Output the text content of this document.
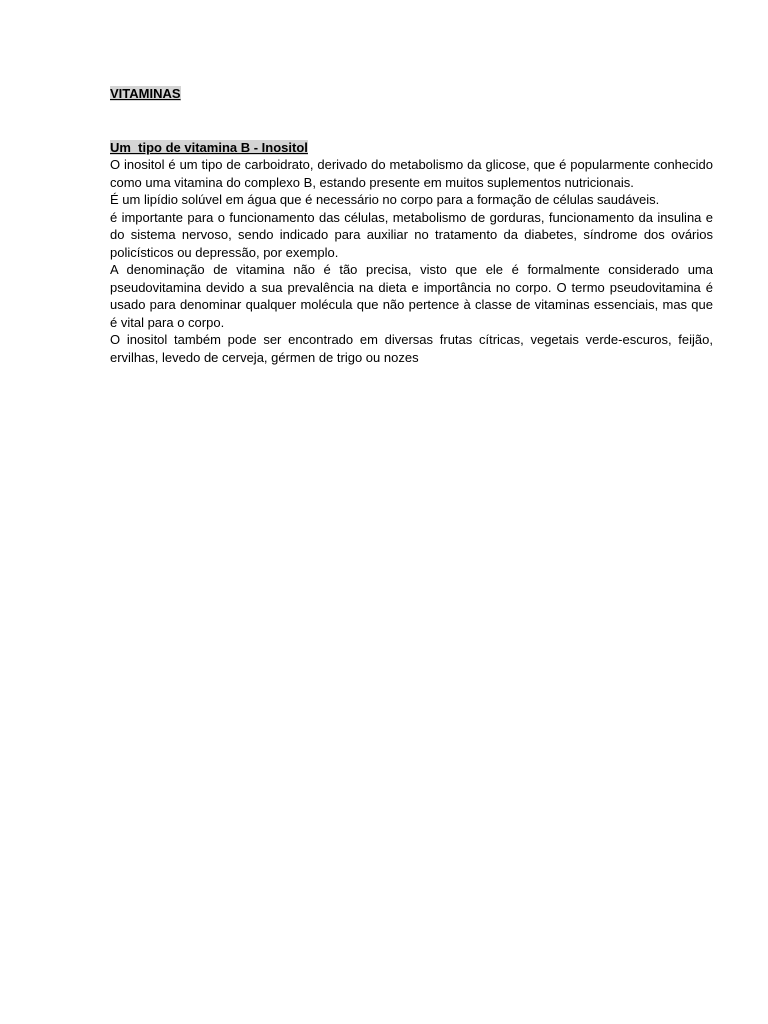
VITAMINAS

Um  tipo de vitamina B - Inositol

O inositol é um tipo de carboidrato, derivado do metabolismo da glicose, que é popularmente conhecido como uma vitamina do complexo B, estando presente em muitos suplementos nutricionais.

É um lipídio solúvel em água que é necessário no corpo para a formação de células saudáveis.

é importante para o funcionamento das células, metabolismo de gorduras, funcionamento da insulina e do sistema nervoso, sendo indicado para auxiliar no tratamento da diabetes, síndrome dos ovários policísticos ou depressão, por exemplo.

A denominação de vitamina não é tão precisa, visto que ele é formalmente considerado uma pseudovitamina devido a sua prevalência na dieta e importância no corpo. O termo pseudovitamina é usado para denominar qualquer molécula que não pertence à classe de vitaminas essenciais, mas que é vital para o corpo.

O inositol também pode ser encontrado em diversas frutas cítricas, vegetais verde-escuros, feijão, ervilhas, levedo de cerveja, gérmen de trigo ou nozes
